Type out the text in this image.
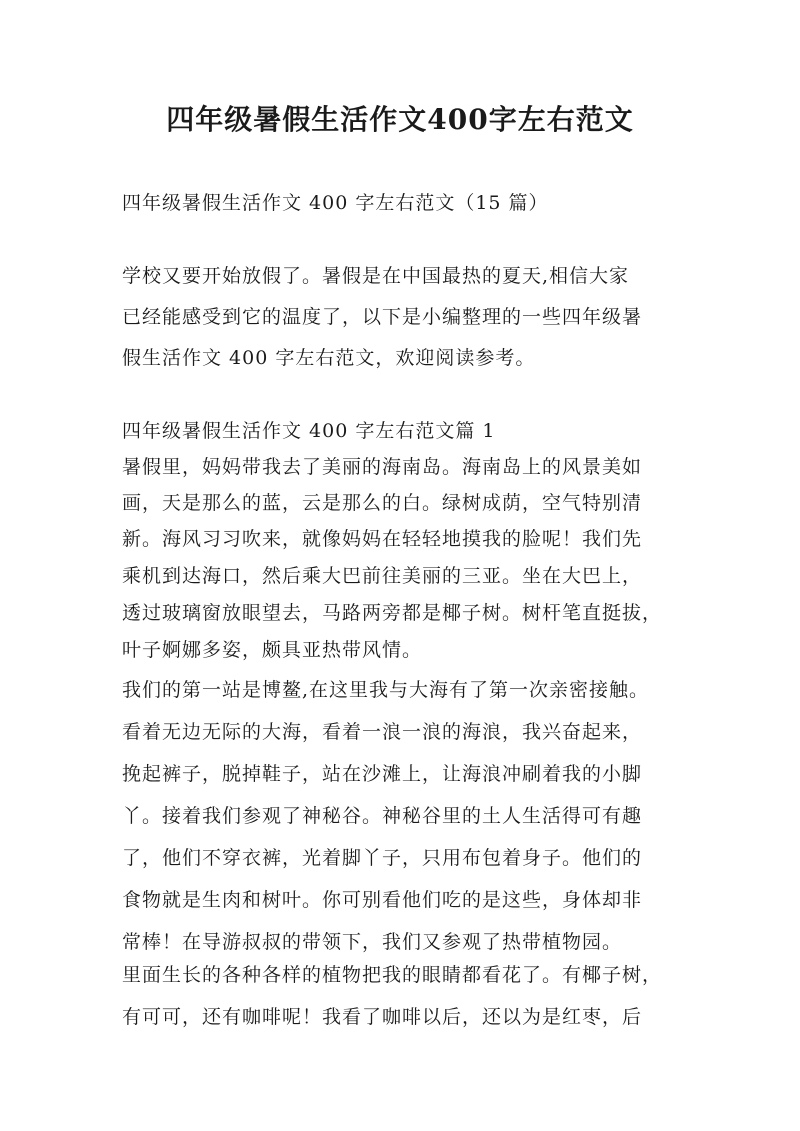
四年级暑假生活作文400字左右范文
四年级暑假生活作文 400 字左右范文（15 篇）
学校又要开始放假了。暑假是在中国最热的夏天,相信大家
已经能感受到它的温度了，以下是小编整理的一些四年级暑
假生活作文 400 字左右范文，欢迎阅读参考。
四年级暑假生活作文 400 字左右范文篇 1
暑假里，妈妈带我去了美丽的海南岛。海南岛上的风景美如
画，天是那么的蓝，云是那么的白。绿树成荫，空气特别清
新。海风习习吹来，就像妈妈在轻轻地摸我的脸呢！我们先
乘机到达海口，然后乘大巴前往美丽的三亚。坐在大巴上，
透过玻璃窗放眼望去，马路两旁都是椰子树。树杆笔直挺拔，
叶子婀娜多姿，颇具亚热带风情。
我们的第一站是博鳌,在这里我与大海有了第一次亲密接触。
看着无边无际的大海，看着一浪一浪的海浪，我兴奋起来，
挽起裤子，脱掉鞋子，站在沙滩上，让海浪冲刷着我的小脚
丫。接着我们参观了神秘谷。神秘谷里的土人生活得可有趣
了，他们不穿衣裤，光着脚丫子，只用布包着身子。他们的
食物就是生肉和树叶。你可别看他们吃的是这些，身体却非
常棒！在导游叔叔的带领下，我们又参观了热带植物园。
里面生长的各种各样的植物把我的眼睛都看花了。有椰子树，
有可可，还有咖啡呢！我看了咖啡以后，还以为是红枣，后
